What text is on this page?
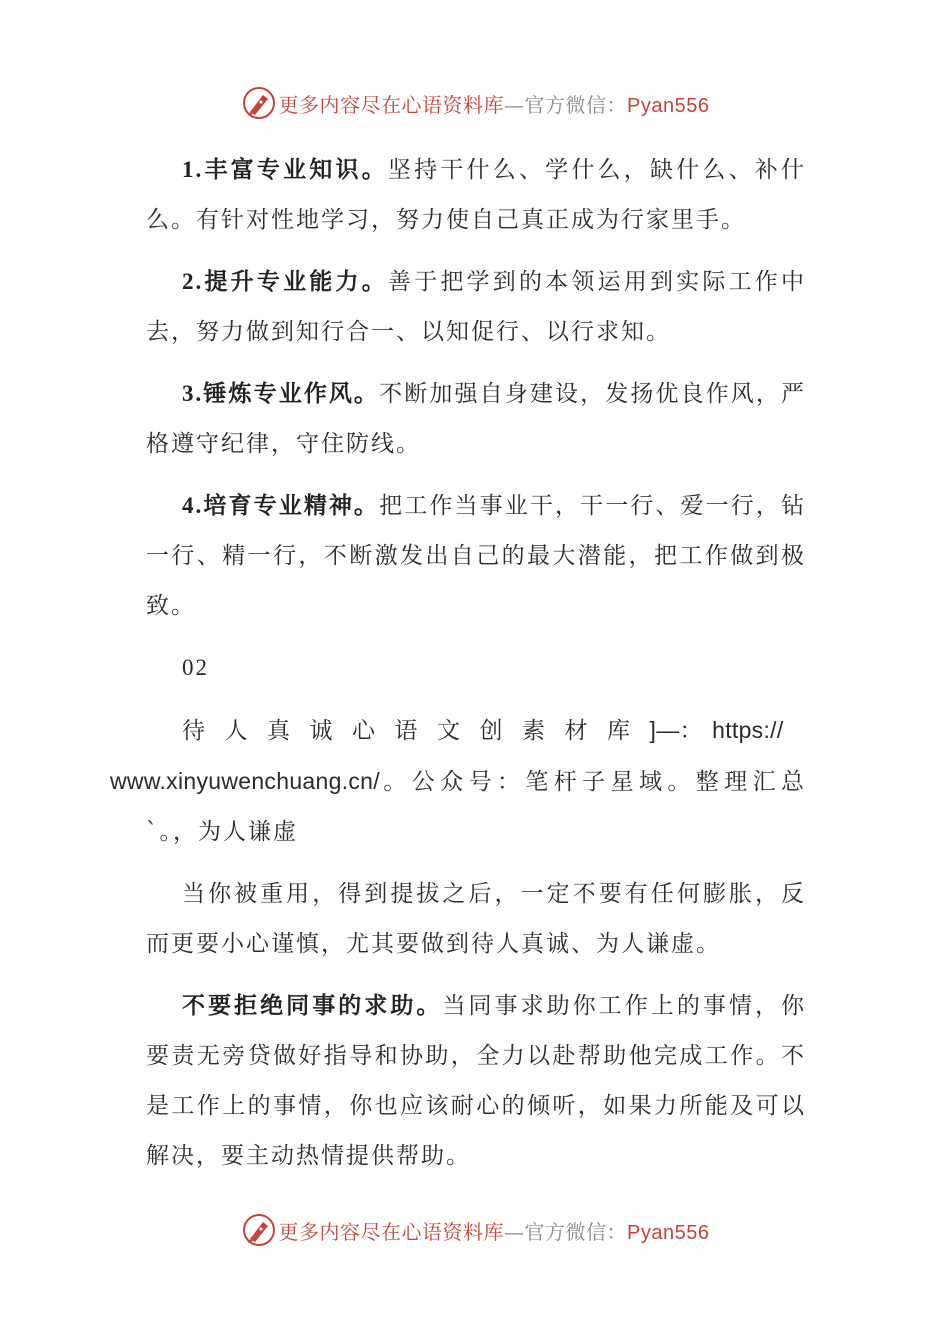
更多内容尽在心语资料库—官方微信：Pyan556

1.丰富专业知识。坚持干什么、学什么，缺什么、补什么。有针对性地学习，努力使自己真正成为行家里手。

2.提升专业能力。善于把学到的本领运用到实际工作中去，努力做到知行合一、以知促行、以行求知。

3.锤炼专业作风。不断加强自身建设，发扬优良作风，严格遵守纪律，守住防线。

4.培育专业精神。把工作当事业干，干一行、爱一行，钻一行、精一行，不断激发出自己的最大潜能，把工作做到极致。

02

待人真诚心语文创素材库]—： https://
www.xinyuwenchuang.cn/。公众号：笔杆子星域。整理汇总`。，为人谦虚

当你被重用，得到提拔之后，一定不要有任何膨胀，反而更要小心谨慎，尤其要做到待人真诚、为人谦虚。

不要拒绝同事的求助。当同事求助你工作上的事情，你要责无旁贷做好指导和协助，全力以赴帮助他完成工作。不是工作上的事情，你也应该耐心的倾听，如果力所能及可以解决，要主动热情提供帮助。

更多内容尽在心语资料库—官方微信：Pyan556
